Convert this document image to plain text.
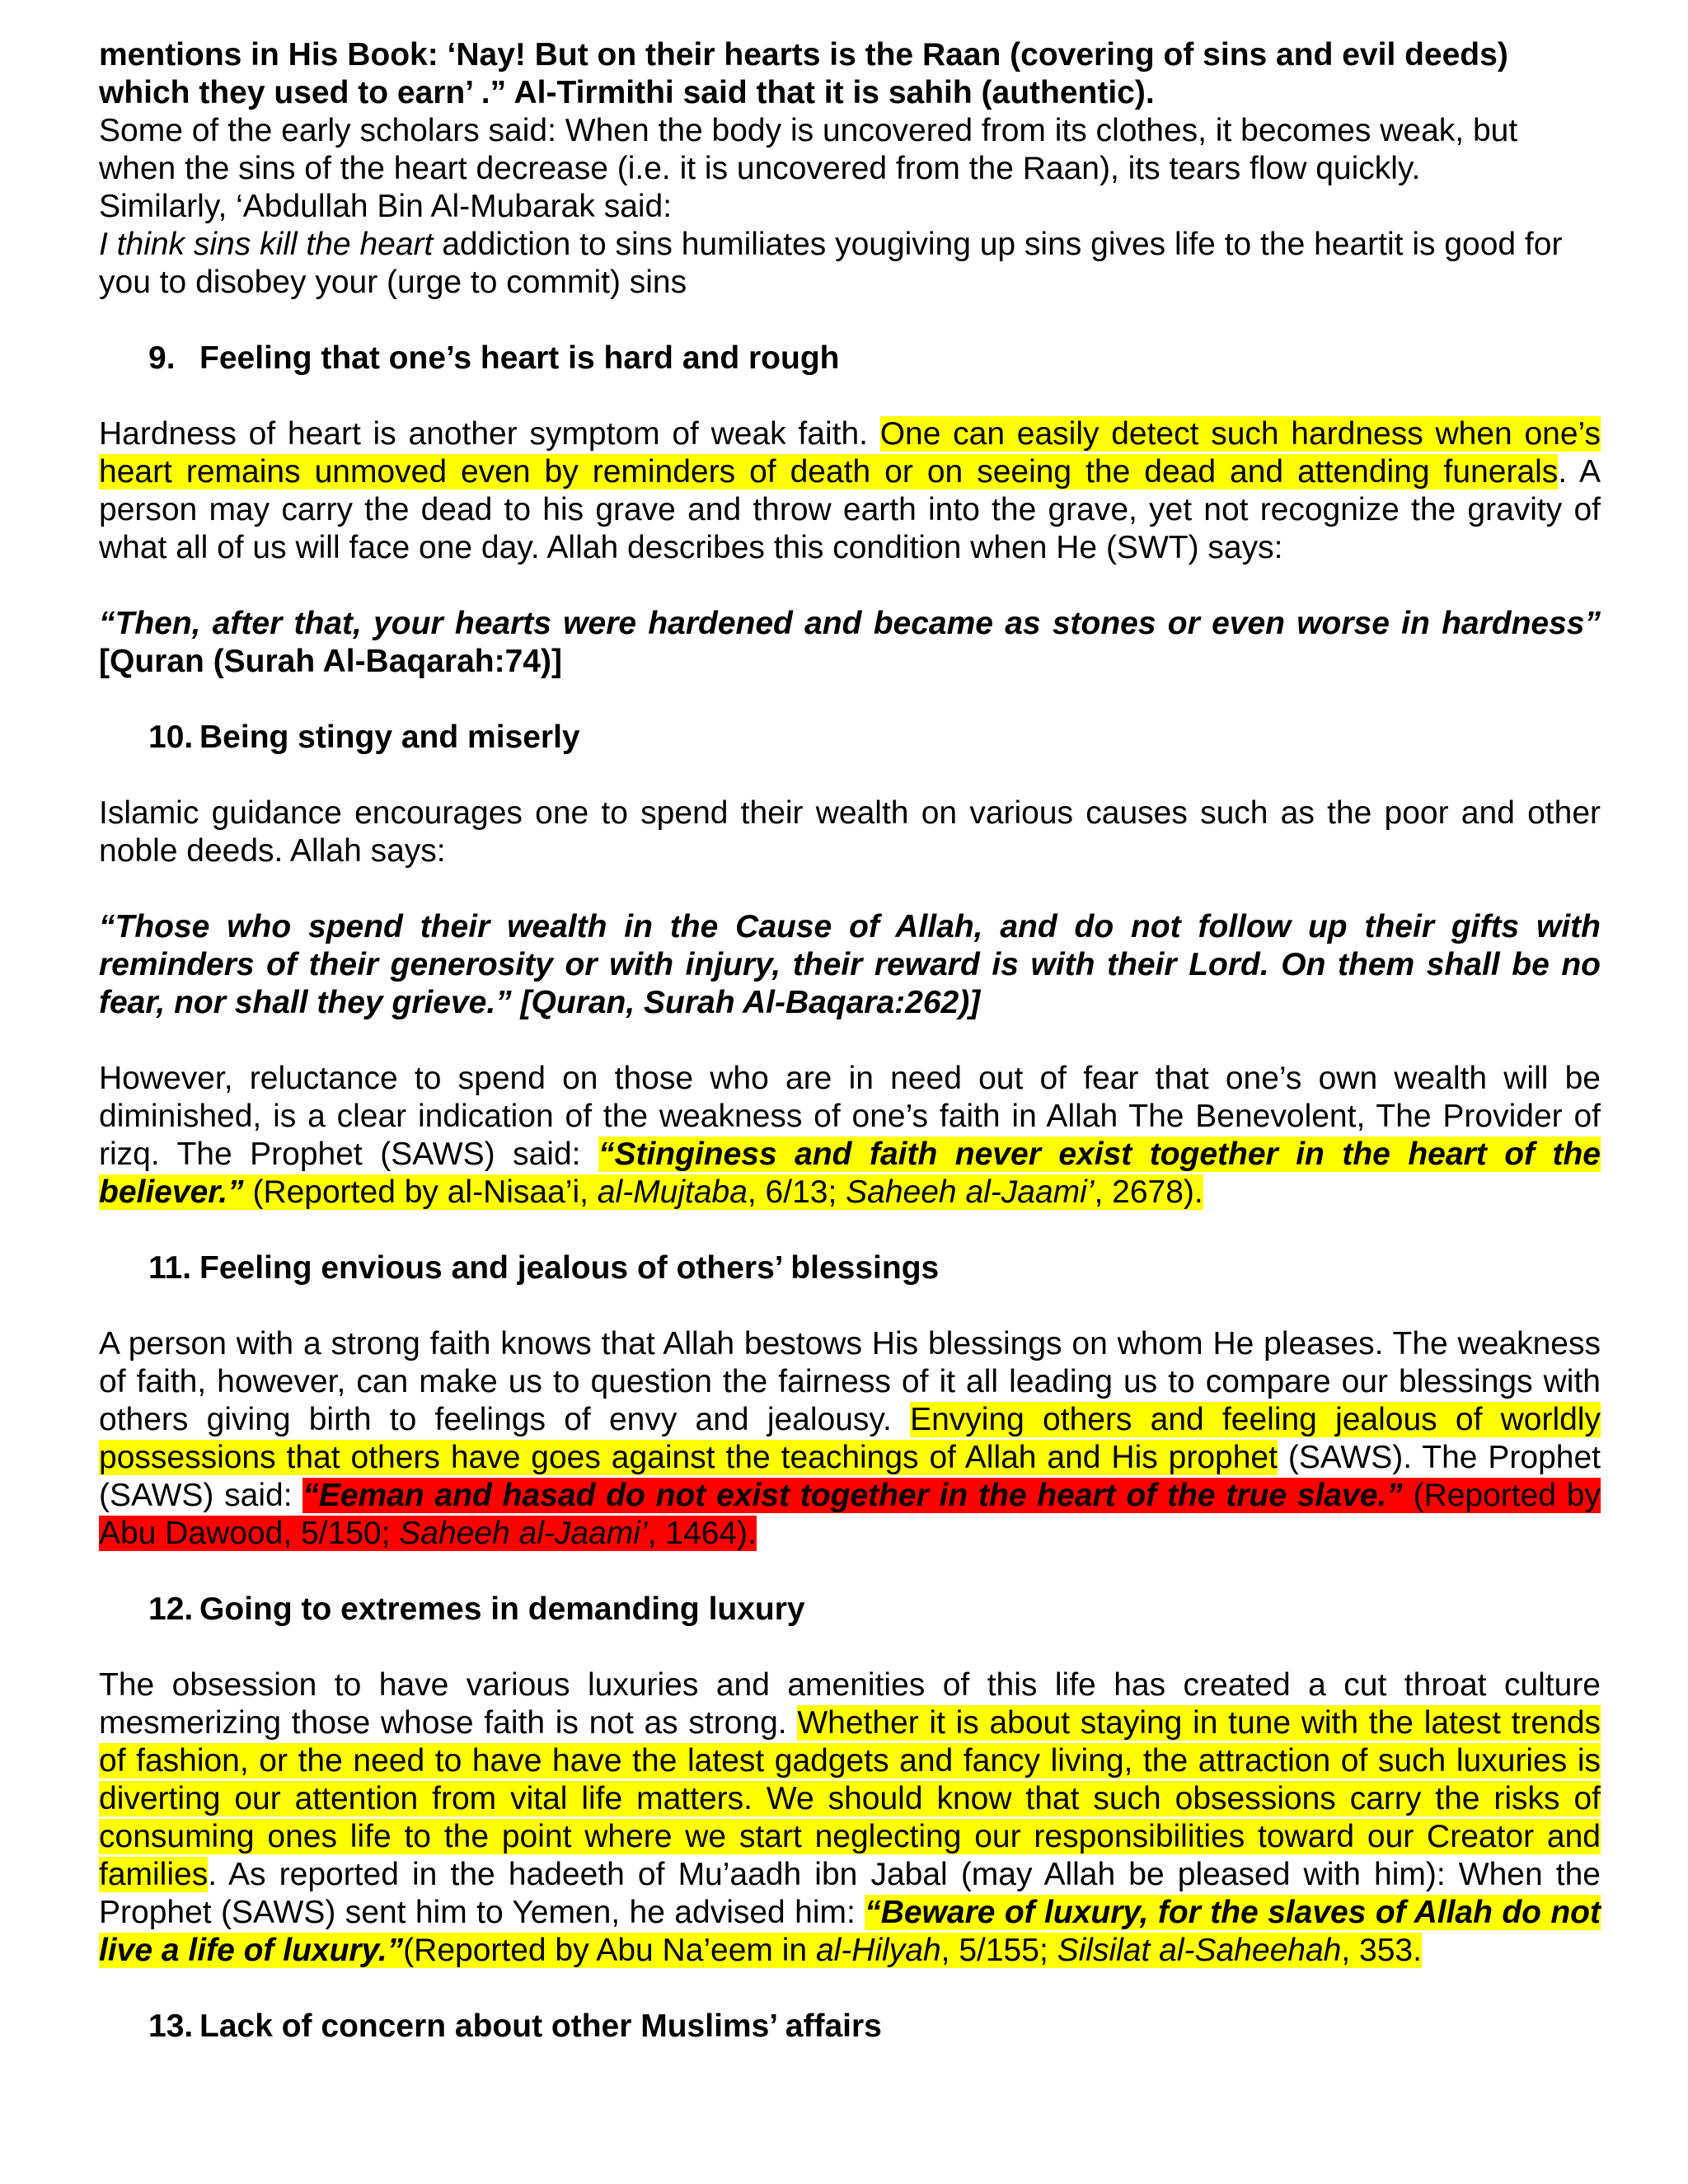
mentions in His Book: ‘Nay! But on their hearts is the Raan (covering of sins and evil deeds) which they used to earn’ .” Al-Tirmithi said that it is sahih (authentic).

Some of the early scholars said: When the body is uncovered from its clothes, it becomes weak, but when the sins of the heart decrease (i.e. it is uncovered from the Raan), its tears flow quickly.

Similarly, ‘Abdullah Bin Al-Mubarak said:

I think sins kill the heart addiction to sins humiliates yougiving up sins gives life to the heartit is good for you to disobey your (urge to commit) sins

9. Feeling that one’s heart is hard and rough

Hardness of heart is another symptom of weak faith. One can easily detect such hardness when one’s heart remains unmoved even by reminders of death or on seeing the dead and attending funerals. A person may carry the dead to his grave and throw earth into the grave, yet not recognize the gravity of what all of us will face one day. Allah describes this condition when He (SWT) says:

“Then, after that, your hearts were hardened and became as stones or even worse in hardness” [Quran (Surah Al-Baqarah:74)]

10. Being stingy and miserly

Islamic guidance encourages one to spend their wealth on various causes such as the poor and other noble deeds. Allah says:

“Those who spend their wealth in the Cause of Allah, and do not follow up their gifts with reminders of their generosity or with injury, their reward is with their Lord. On them shall be no fear, nor shall they grieve.” [Quran, Surah Al-Baqara:262)]

However, reluctance to spend on those who are in need out of fear that one’s own wealth will be diminished, is a clear indication of the weakness of one’s faith in Allah The Benevolent, The Provider of rizq. The Prophet (SAWS) said: “Stinginess and faith never exist together in the heart of the believer.” (Reported by al-Nisaa’i, al-Mujtaba, 6/13; Saheeh al-Jaami’, 2678).

11. Feeling envious and jealous of others’ blessings

A person with a strong faith knows that Allah bestows His blessings on whom He pleases. The weakness of faith, however, can make us to question the fairness of it all leading us to compare our blessings with others giving birth to feelings of envy and jealousy. Envying others and feeling jealous of worldly possessions that others have goes against the teachings of Allah and His prophet (SAWS). The Prophet (SAWS) said: “Eeman and hasad do not exist together in the heart of the true slave.” (Reported by Abu Dawood, 5/150; Saheeh al-Jaami’, 1464).

12. Going to extremes in demanding luxury

The obsession to have various luxuries and amenities of this life has created a cut throat culture mesmerizing those whose faith is not as strong. Whether it is about staying in tune with the latest trends of fashion, or the need to have have the latest gadgets and fancy living, the attraction of such luxuries is diverting our attention from vital life matters. We should know that such obsessions carry the risks of consuming ones life to the point where we start neglecting our responsibilities toward our Creator and families. As reported in the hadeeth of Mu’aadh ibn Jabal (may Allah be pleased with him): When the Prophet (SAWS) sent him to Yemen, he advised him: “Beware of luxury, for the slaves of Allah do not live a life of luxury.”(Reported by Abu Na’eem in al-Hilyah, 5/155; Silsilat al-Saheehah, 353.

13. Lack of concern about other Muslims’ affairs
